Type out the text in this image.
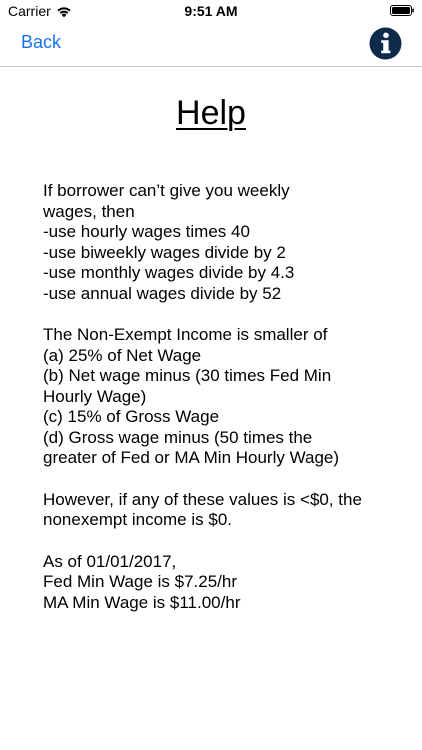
Carrier	9:51 AM
Back
Help

If borrower can’t give you weekly

wages, then

-use hourly wages times 40

-use biweekly wages divide by 2

-use monthly wages divide by 4.3

-use annual wages divide by 52

The Non-Exempt Income is smaller of

(a) 25% of Net Wage

(b) Net wage minus (30 times Fed Min

Hourly Wage)

(c) 15% of Gross Wage

(d) Gross wage minus (50 times the

greater of Fed or MA Min Hourly Wage)

However, if any of these values is <$0, the

nonexempt income is $0.

As of 01/01/2017,

Fed Min Wage is $7.25/hr

MA Min Wage is $11.00/hr
